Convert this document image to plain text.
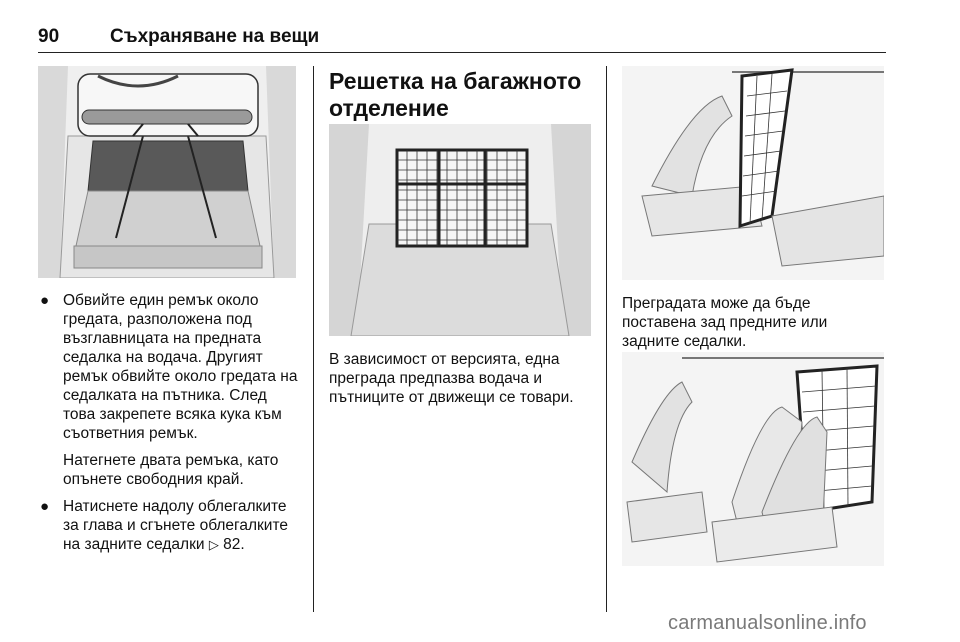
90	Съхраняване на вещи
● Обвийте един ремък около гредата, разположена под възглавницата на предната седалка на водача. Другият ремък обвийте около гредата на седалката на пътника. След това закрепете всяка кука към съответния ремък.
Натегнете двата ремъка, като опънете свободния край.
● Натиснете надолу облегалките за глава и сгънете облегалките на задните седалки ▷ 82.
Решетка на багажното отделение
В зависимост от версията, една преграда предпазва водача и пътниците от движещи се товари.
Преградата може да бъде поставена зад предните или задните седалки.
carmanualsonline.info
